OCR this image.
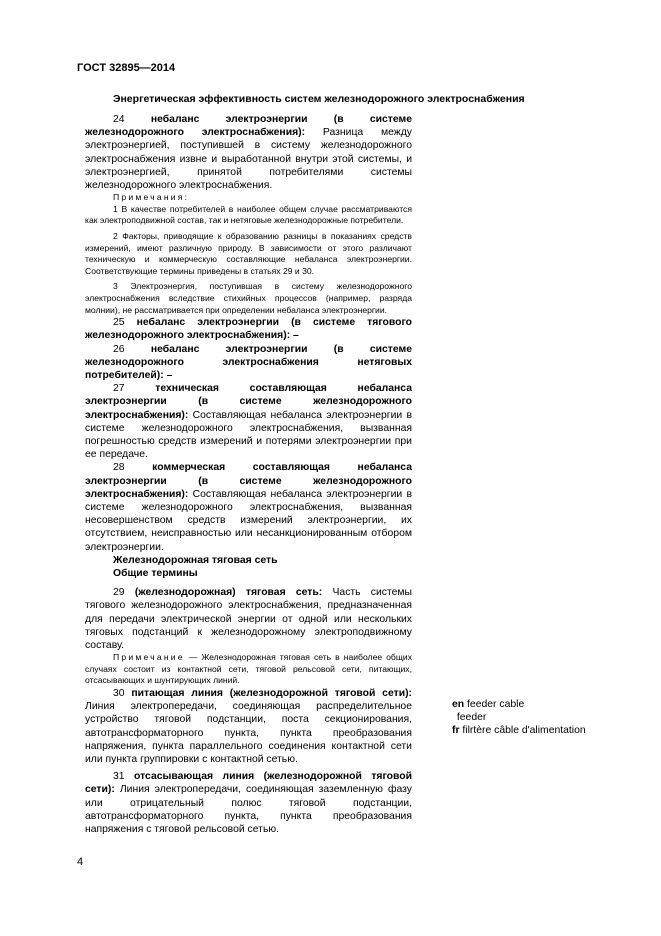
ГОСТ 32895—2014
Энергетическая эффективность систем железнодорожного электроснабжения

24	небаланс электроэнергии (в системе железнодорожного электроснабжения): Разница между электроэнергией, поступившей в систему железнодорожного электроснабжения извне и выработанной внутри этой системы, и электроэнергией, принятой потребителями системы железнодорожного электроснабжения.

Примечания:

1 В качестве потребителей в наиболее общем случае рассматриваются как электроподвижной состав, так и нетяговые железнодорожные потребители.

2 Факторы, приводящие к образованию разницы в показаниях средств измерений, имеют различную природу. В зависимости от этого различают техническую и коммерческую составляющие небаланса электроэнергии. Соответствующие термины приведены в статьях 29 и 30.

3 Электроэнергия, поступившая в систему железнодорожного электроснабжения вследствие стихийных процессов (например, разряда молнии), не рассматривается при определении небаланса электроэнергии.

25 небаланс электроэнергии (в системе тягового железнодорожного электроснабжения): –

26	небаланс электроэнергии (в системе железнодорожного электроснабжения нетяговых потребителей): –

27	техническая составляющая небаланса электроэнергии (в системе железнодорожного электроснабжения): Составляющая небаланса электроэнергии в системе железнодорожного электроснабжения, вызванная погрешностью средств измерений и потерями электроэнергии при ее передаче.

28	коммерческая составляющая небаланса электроэнергии (в системе железнодорожного электроснабжения): Составляющая небаланса электроэнергии в системе железнодорожного электроснабжения, вызванная несовершенством средств измерений электроэнергии, их отсутствием, неисправностью или несанкционированным отбором электроэнергии.

Железнодорожная тяговая сеть

Общие термины

29 (железнодорожная) тяговая сеть: Часть системы тягового железнодорожного электроснабжения, предназначенная для передачи электрической энергии от одной или нескольких тяговых подстанций к железнодорожному электроподвижному составу.

Примечание — Железнодорожная тяговая сеть в наиболее общих случаях состоит из контактной сети, тяговой рельсовой сети, питающих, отсасывающих и шунтирующих линий.

30 питающая линия (железнодорожной тяговой сети): Линия электропередачи, соединяющая распределительное устройство тяговой подстанции, поста секционирования, автотрансформаторного пункта, пункта преобразования напряжения, пункта параллельного соединения контактной сети или пункта группировки с контактной сетью.

31 отсасывающая линия (железнодорожной тяговой сети): Линия электропередачи, соединяющая заземленную фазу или отрицательный полюс тяговой подстанции, автотрансформаторного пункта, пункта преобразования напряжения с тяговой рельсовой сетью.

en feeder cable
feeder
fr filrtère câble d'alimentation
4
